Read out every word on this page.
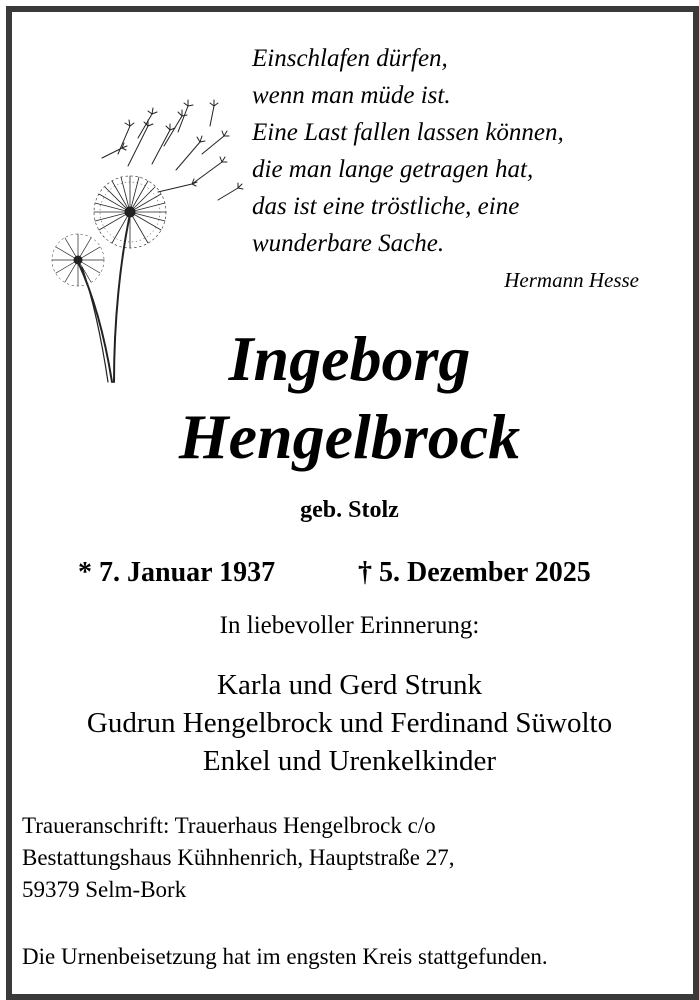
Einschlafen dürfen,
wenn man müde ist.
Eine Last fallen lassen können,
die man lange getragen hat,
das ist eine tröstliche, eine
wunderbare Sache.
Hermann Hesse
Ingeborg
Hengelbrock
geb. Stolz
* 7. Januar 1937	† 5. Dezember 2025
In liebevoller Erinnerung:
Karla und Gerd Strunk
Gudrun Hengelbrock und Ferdinand Süwolto
Enkel und Urenkelkinder
Traueranschrift: Trauerhaus Hengelbrock c/o
Bestattungshaus Kühnhenrich, Hauptstraße 27,
59379 Selm-Bork
Die Urnenbeisetzung hat im engsten Kreis stattgefunden.
